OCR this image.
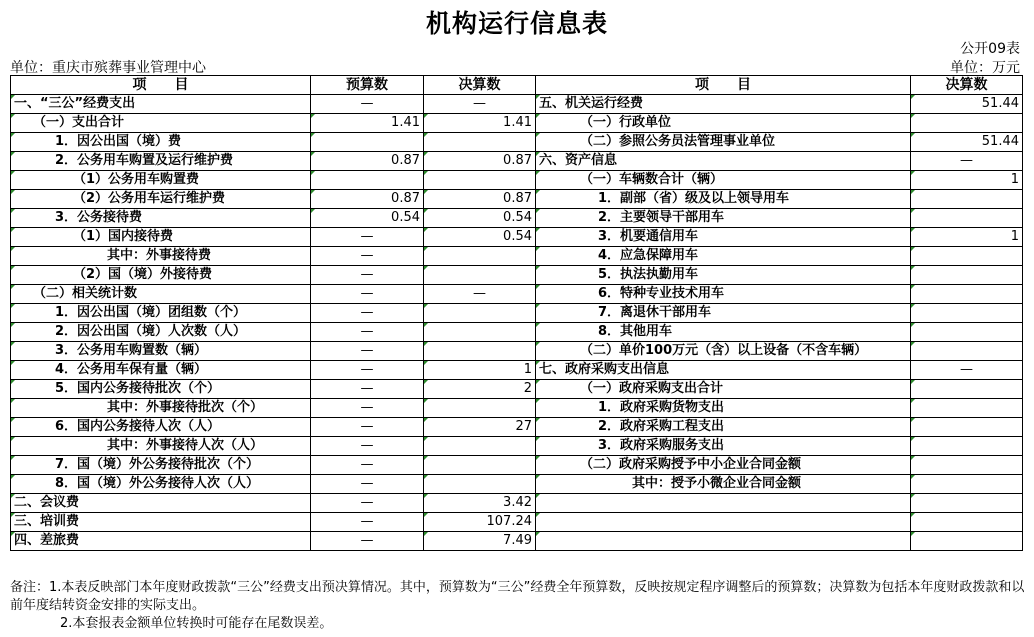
机构运行信息表
公开09表
单位：重庆市殡葬事业管理中心	单位：万元
项　　目	预算数	决算数	项　　目	决算数
一、“三公”经费支出	—	—	五、机关运行经费	51.44
（一）支出合计	1.41	1.41	（一）行政单位	
1．因公出国（境）费			（二）参照公务员法管理事业单位	51.44
2．公务用车购置及运行维护费	0.87	0.87	六、资产信息	—
（1）公务用车购置费			（一）车辆数合计（辆）	1
（2）公务用车运行维护费	0.87	0.87	1．副部（省）级及以上领导用车	
3．公务接待费	0.54	0.54	2．主要领导干部用车	
（1）国内接待费	—	0.54	3．机要通信用车	1
其中：外事接待费	—		4．应急保障用车	
（2）国（境）外接待费	—		5．执法执勤用车	
（二）相关统计数	—	—	6．特种专业技术用车	
1．因公出国（境）团组数（个）	—		7．离退休干部用车	
2．因公出国（境）人次数（人）	—		8．其他用车	
3．公务用车购置数（辆）	—		（二）单价100万元（含）以上设备（不含车辆）	
4．公务用车保有量（辆）	—	1	七、政府采购支出信息	—
5．国内公务接待批次（个）	—	2	（一）政府采购支出合计	
其中：外事接待批次（个）	—		1．政府采购货物支出	
6．国内公务接待人次（人）	—	27	2．政府采购工程支出	
其中：外事接待人次（人）	—		3．政府采购服务支出	
7．国（境）外公务接待批次（个）	—		（二）政府采购授予中小企业合同金额	
8．国（境）外公务接待人次（人）	—		其中：授予小微企业合同金额	
二、会议费	—	3.42		
三、培训费	—	107.24		
四、差旅费	—	7.49		
备注：1.本表反映部门本年度财政拨款“三公”经费支出预决算情况。其中，预算数为“三公”经费全年预算数，反映按规定程序调整后的预算数；决算数为包括本年度财政拨款和以前年度结转资金安排的实际支出。
2.本套报表金额单位转换时可能存在尾数误差。
